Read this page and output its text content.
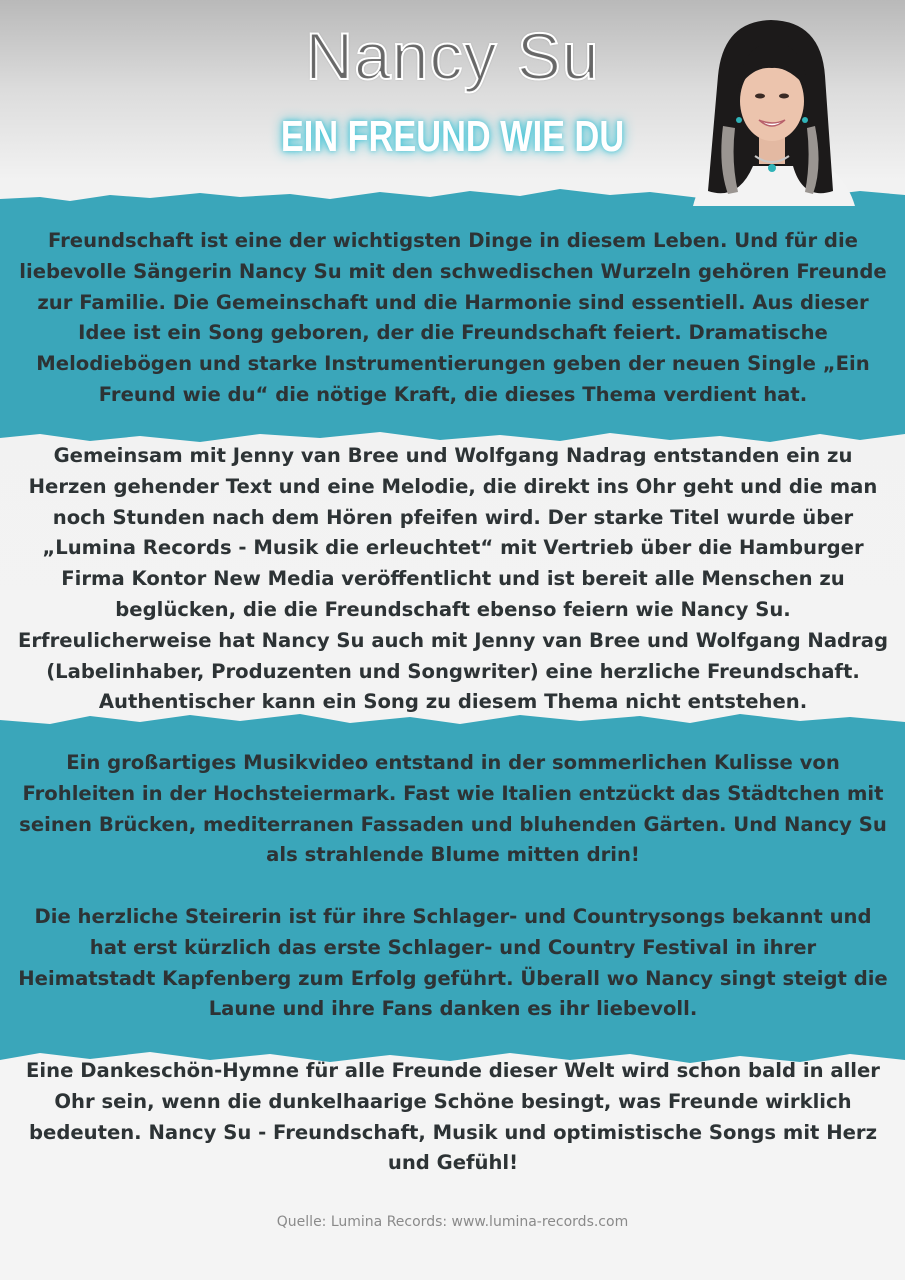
Nancy Su
EIN FREUND WIE DU
Freundschaft ist eine der wichtigsten Dinge in diesem Leben. Und für die liebevolle Sängerin Nancy Su mit den schwedischen Wurzeln gehören Freunde zur Familie. Die Gemeinschaft und die Harmonie sind essentiell. Aus dieser Idee ist ein Song geboren, der die Freundschaft feiert. Dramatische Melodiebögen und starke Instrumentierungen geben der neuen Single „Ein Freund wie du“ die nötige Kraft, die dieses Thema verdient hat.
Gemeinsam mit Jenny van Bree und Wolfgang Nadrag entstanden ein zu Herzen gehender Text und eine Melodie, die direkt ins Ohr geht und die man noch Stunden nach dem Hören pfeifen wird. Der starke Titel wurde über „Lumina Records - Musik die erleuchtet“ mit Vertrieb über die Hamburger Firma Kontor New Media veröffentlicht und ist bereit alle Menschen zu beglücken, die die Freundschaft ebenso feiern wie Nancy Su. Erfreulicherweise hat Nancy Su auch mit Jenny van Bree und Wolfgang Nadrag (Labelinhaber, Produzenten und Songwriter) eine herzliche Freundschaft. Authentischer kann ein Song zu diesem Thema nicht entstehen.
Ein großartiges Musikvideo entstand in der sommerlichen Kulisse von Frohleiten in der Hochsteiermark. Fast wie Italien entzückt das Städtchen mit seinen Brücken, mediterranen Fassaden und bluhenden Gärten. Und Nancy Su als strahlende Blume mitten drin!
Die herzliche Steirerin ist für ihre Schlager- und Countrysongs bekannt und hat erst kürzlich das erste Schlager- und Country Festival in ihrer Heimatstadt Kapfenberg zum Erfolg geführt. Überall wo Nancy singt steigt die Laune und ihre Fans danken es ihr liebevoll.
Eine Dankeschön-Hymne für alle Freunde dieser Welt wird schon bald in aller Ohr sein, wenn die dunkelhaarige Schöne besingt, was Freunde wirklich bedeuten. Nancy Su - Freundschaft, Musik und optimistische Songs mit Herz und Gefühl!
Quelle: Lumina Records: www.lumina-records.com
